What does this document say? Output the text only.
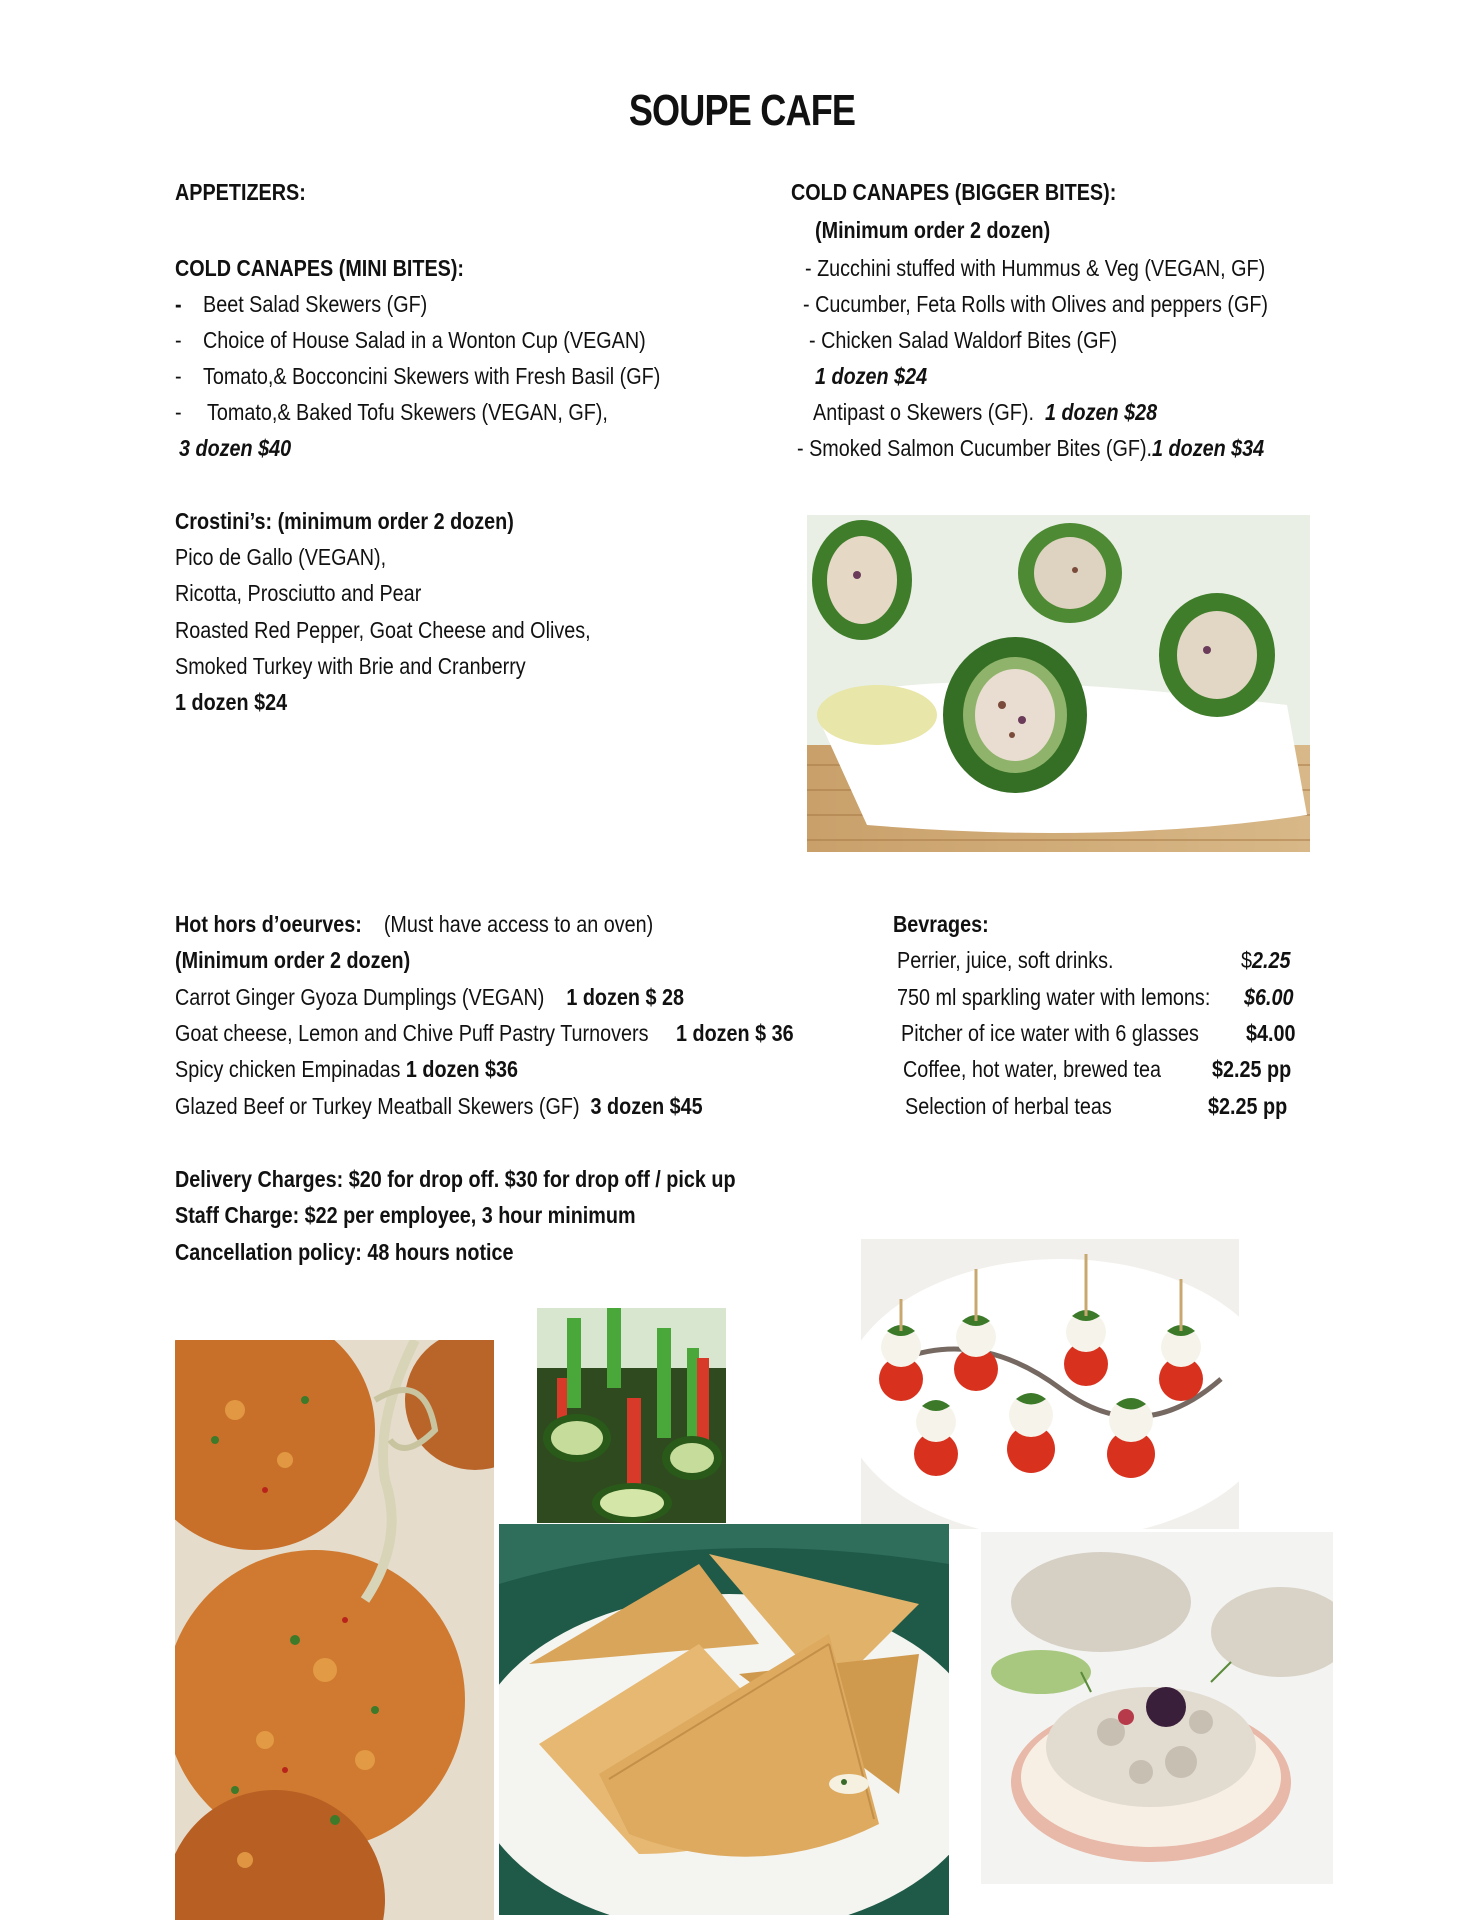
SOUPE CAFE
APPETIZERS:
COLD CANAPES (MINI BITES):
- Beet Salad Skewers (GF)
- Choice of House Salad in a Wonton Cup (VEGAN)
- Tomato,& Bocconcini Skewers with Fresh Basil (GF)
- Tomato,& Baked Tofu Skewers (VEGAN, GF),
3 dozen $40
Crostini’s: (minimum order 2 dozen)
Pico de Gallo (VEGAN),
Ricotta, Prosciutto and Pear
Roasted Red Pepper, Goat Cheese and Olives,
Smoked Turkey with Brie and Cranberry
1 dozen $24
COLD CANAPES (BIGGER BITES):
(Minimum order 2 dozen)
- Zucchini stuffed with Hummus & Veg (VEGAN, GF)
- Cucumber, Feta Rolls with Olives and peppers (GF)
- Chicken Salad Waldorf Bites (GF)
1 dozen $24
Antipast o Skewers (GF). 1 dozen $28
- Smoked Salmon Cucumber Bites (GF).1 dozen $34
Hot hors d’oeurves: (Must have access to an oven)
(Minimum order 2 dozen)
Carrot Ginger Gyoza Dumplings (VEGAN) 1 dozen $ 28
Goat cheese, Lemon and Chive Puff Pastry Turnovers 1 dozen $ 36
Spicy chicken Empinadas 1 dozen $36
Glazed Beef or Turkey Meatball Skewers (GF) 3 dozen $45
Bevrages:
Perrier, juice, soft drinks.	$2.25
750 ml sparkling water with lemons: $6.00
Pitcher of ice water with 6 glasses $4.00
Coffee, hot water, brewed tea $2.25 pp
Selection of herbal teas	$2.25 pp
Delivery Charges: $20 for drop off. $30 for drop off / pick up
Staff Charge: $22 per employee, 3 hour minimum
Cancellation policy: 48 hours notice
